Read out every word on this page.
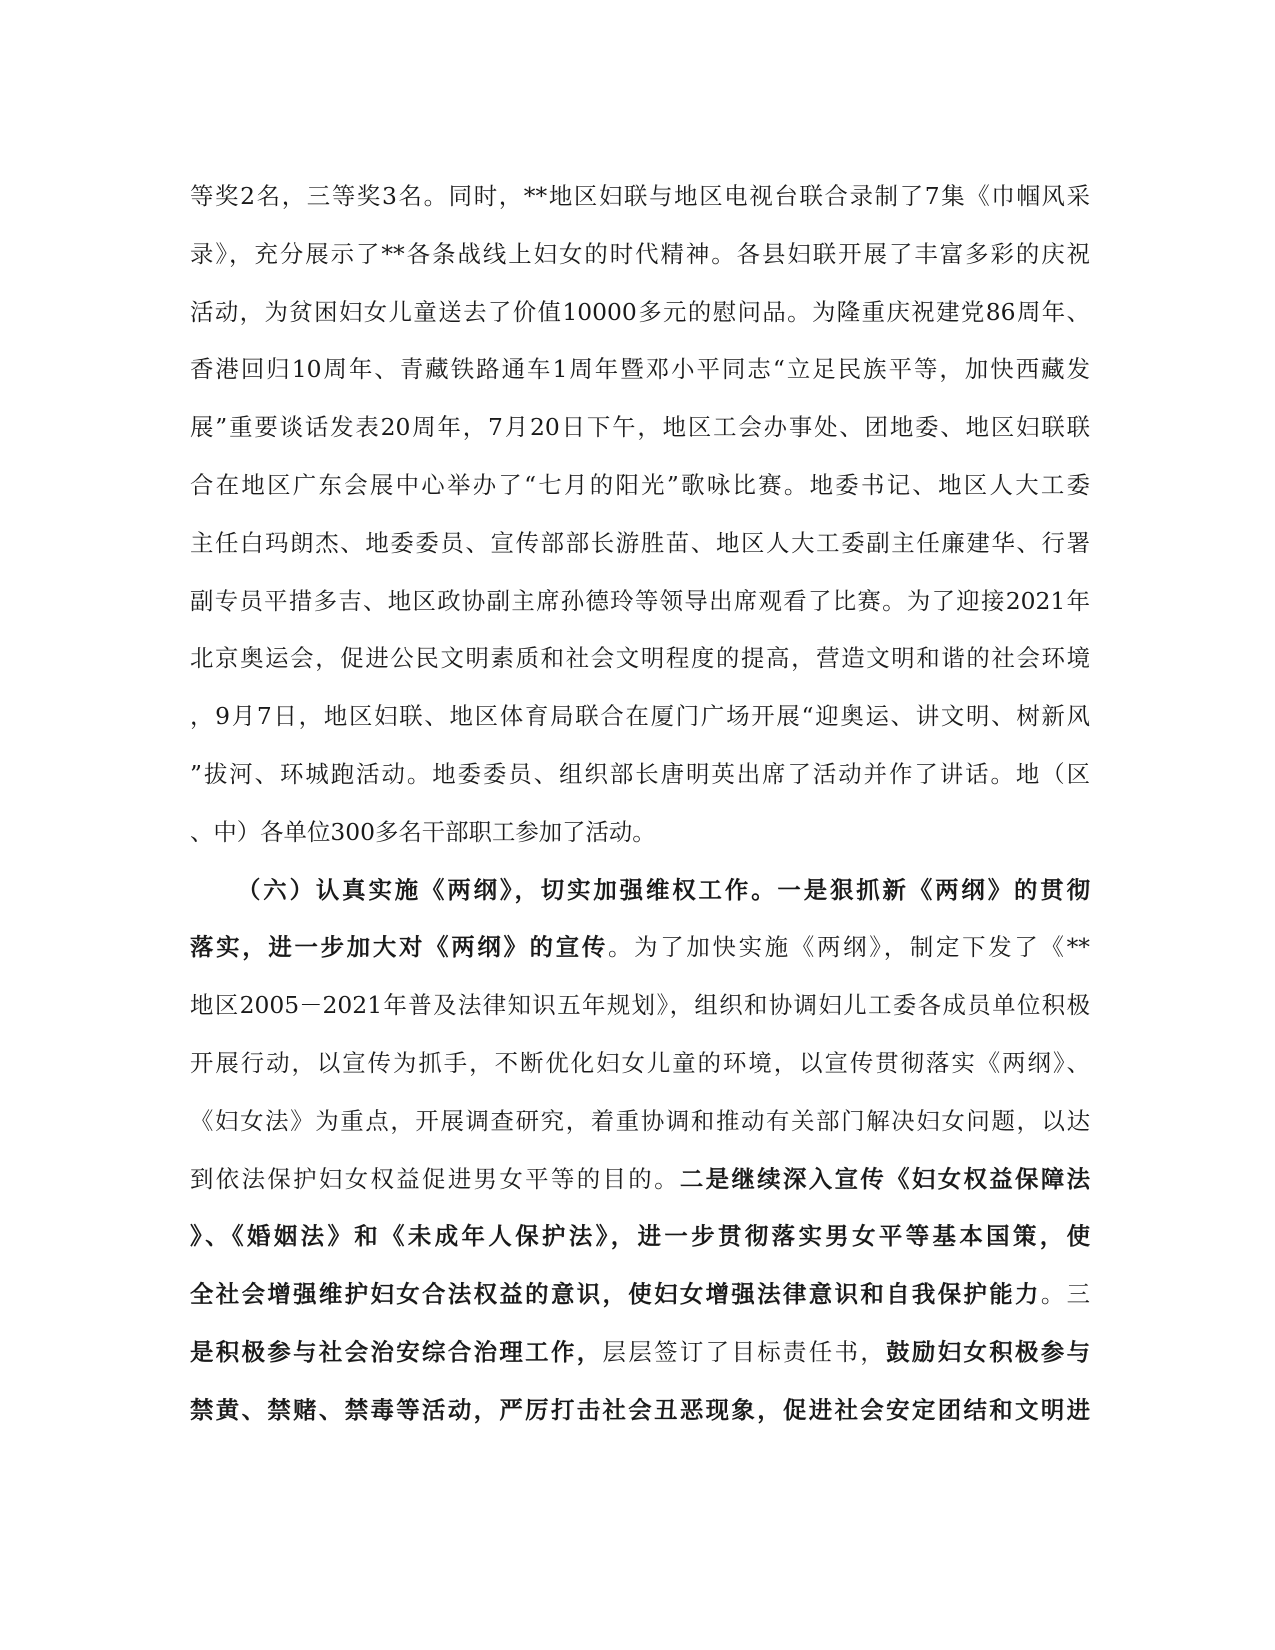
等奖2名，三等奖3名。同时，**地区妇联与地区电视台联合录制了7集《巾帼风采
录》，充分展示了**各条战线上妇女的时代精神。各县妇联开展了丰富多彩的庆祝
活动，为贫困妇女儿童送去了价值10000多元的慰问品。为隆重庆祝建党86周年、
香港回归10周年、青藏铁路通车1周年暨邓小平同志“立足民族平等，加快西藏发
展”重要谈话发表20周年，7月20日下午，地区工会办事处、团地委、地区妇联联
合在地区广东会展中心举办了“七月的阳光”歌咏比赛。地委书记、地区人大工委
主任白玛朗杰、地委委员、宣传部部长游胜苗、地区人大工委副主任廉建华、行署
副专员平措多吉、地区政协副主席孙德玲等领导出席观看了比赛。为了迎接2021年
北京奥运会，促进公民文明素质和社会文明程度的提高，营造文明和谐的社会环境
，9月7日，地区妇联、地区体育局联合在厦门广场开展“迎奥运、讲文明、树新风
”拔河、环城跑活动。地委委员、组织部长唐明英出席了活动并作了讲话。地（区
、中）各单位300多名干部职工参加了活动。
（六）认真实施《两纲》，切实加强维权工作。一是狠抓新《两纲》的贯彻
落实，进一步加大对《两纲》的宣传。为了加快实施《两纲》，制定下发了《**
地区2005－2021年普及法律知识五年规划》，组织和协调妇儿工委各成员单位积极
开展行动，以宣传为抓手，不断优化妇女儿童的环境，以宣传贯彻落实《两纲》、
《妇女法》为重点，开展调查研究，着重协调和推动有关部门解决妇女问题，以达
到依法保护妇女权益促进男女平等的目的。二是继续深入宣传《妇女权益保障法
》、《婚姻法》和《未成年人保护法》，进一步贯彻落实男女平等基本国策，使
全社会增强维护妇女合法权益的意识，使妇女增强法律意识和自我保护能力。三
是积极参与社会治安综合治理工作，层层签订了目标责任书，鼓励妇女积极参与
禁黄、禁赌、禁毒等活动，严厉打击社会丑恶现象，促进社会安定团结和文明进
